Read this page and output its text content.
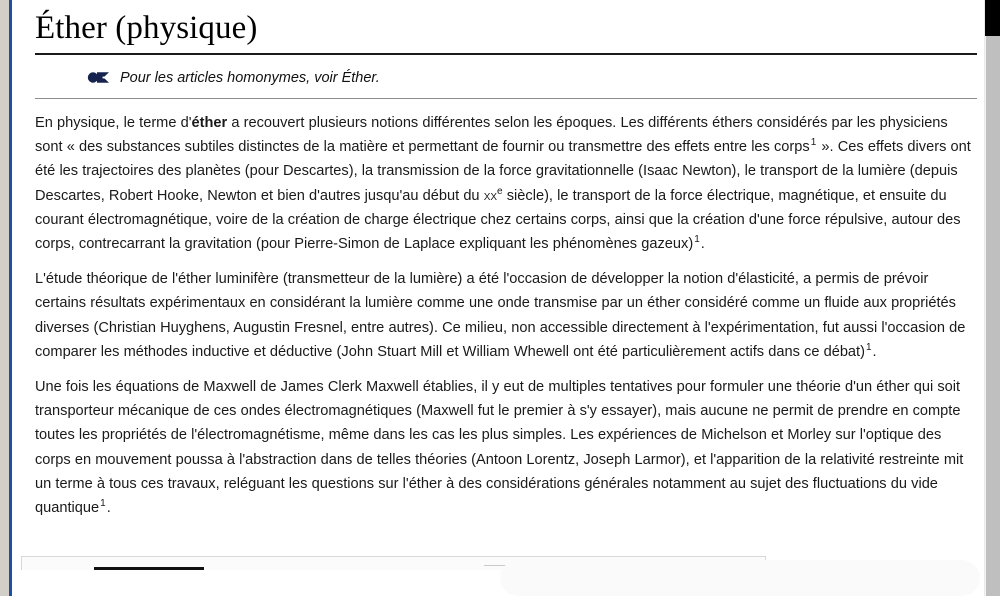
Éther (physique)
Pour les articles homonymes, voir Éther.

En physique, le terme d'éther a recouvert plusieurs notions différentes selon les époques. Les différents éthers considérés par les physiciens sont « des substances subtiles distinctes de la matière et permettant de fournir ou transmettre des effets entre les corps$^1$ ». Ces effets divers ont été les trajectoires des planètes (pour Descartes), la transmission de la force gravitationnelle (Isaac Newton), le transport de la lumière (depuis Descartes, Robert Hooke, Newton et bien d'autres jusqu'au début du $xx^e$ siècle), le transport de la force électrique, magnétique, et ensuite du courant électromagnétique, voire de la création de charge électrique chez certains corps, ainsi que la création d'une force répulsive, autour des corps, contrecarrant la gravitation (pour Pierre-Simon de Laplace expliquant les phénomènes gazeux)$^1$.

L'étude théorique de l'éther luminifère (transmetteur de la lumière) a été l'occasion de développer la notion d'élasticité, a permis de prévoir certains résultats expérimentaux en considérant la lumière comme une onde transmise par un éther considéré comme un fluide aux propriétés diverses (Christian Huyghens, Augustin Fresnel, entre autres). Ce milieu, non accessible directement à l'expérimentation, fut aussi l'occasion de comparer les méthodes inductive et déductive (John Stuart Mill et William Whewell ont été particulièrement actifs dans ce débat)$^1$.

Une fois les équations de Maxwell de James Clerk Maxwell établies, il y eut de multiples tentatives pour formuler une théorie d'un éther qui soit transporteur mécanique de ces ondes électromagnétiques (Maxwell fut le premier à s'y essayer), mais aucune ne permit de prendre en compte toutes les propriétés de l'électromagnétisme, même dans les cas les plus simples. Les expériences de Michelson et Morley sur l'optique des corps en mouvement poussa à l'abstraction dans de telles théories (Antoon Lorentz, Joseph Larmor), et l'apparition de la relativité restreinte mit un terme à tous ces travaux, reléguant les questions sur l'éther à des considérations générales notamment au sujet des fluctuations du vide quantique$^1$.
